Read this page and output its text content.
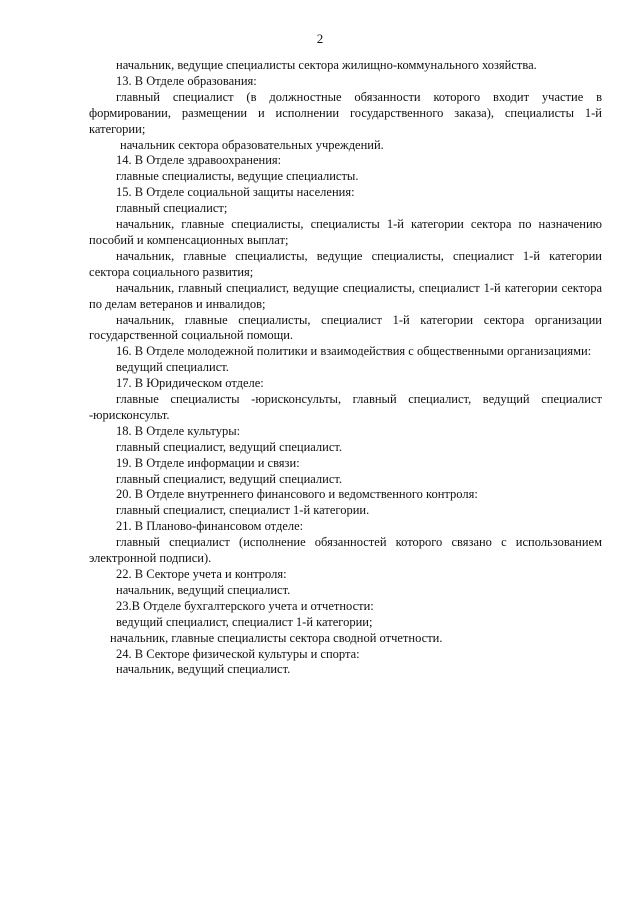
2

начальник, ведущие специалисты сектора жилищно-коммунального хозяйства.

13. В Отделе образования:

главный специалист (в должностные обязанности которого входит участие в формировании, размещении и исполнении государственного заказа), специалисты 1-й категории;

начальник сектора образовательных учреждений.

14. В Отделе здравоохранения:

главные специалисты, ведущие специалисты.

15. В Отделе социальной защиты населения:

главный специалист;

начальник, главные специалисты, специалисты 1-й категории сектора по назначению пособий и компенсационных выплат;

начальник, главные специалисты, ведущие специалисты, специалист 1-й категории сектора социального развития;

начальник, главный специалист, ведущие специалисты, специалист 1-й категории сектора по делам ветеранов и инвалидов;

начальник, главные специалисты, специалист 1-й категории сектора организации государственной социальной помощи.

16. В Отделе молодежной политики и взаимодействия с общественными организациями:

ведущий специалист.

17. В Юридическом отделе:

главные специалисты -юрисконсульты, главный специалист, ведущий специалист -юрисконсульт.

18. В Отделе культуры:

главный специалист, ведущий специалист.

19. В Отделе информации и связи:

главный специалист, ведущий специалист.

20. В Отделе внутреннего финансового и ведомственного контроля:

главный специалист, специалист 1-й категории.

21. В Планово-финансовом отделе:

главный специалист (исполнение обязанностей которого связано с использованием электронной подписи).

22. В Секторе учета и контроля:

начальник, ведущий специалист.

23.В Отделе бухгалтерского учета и отчетности:

ведущий специалист, специалист 1-й категории;

начальник, главные специалисты сектора сводной отчетности.

24. В Секторе физической культуры и спорта:

начальник, ведущий специалист.
